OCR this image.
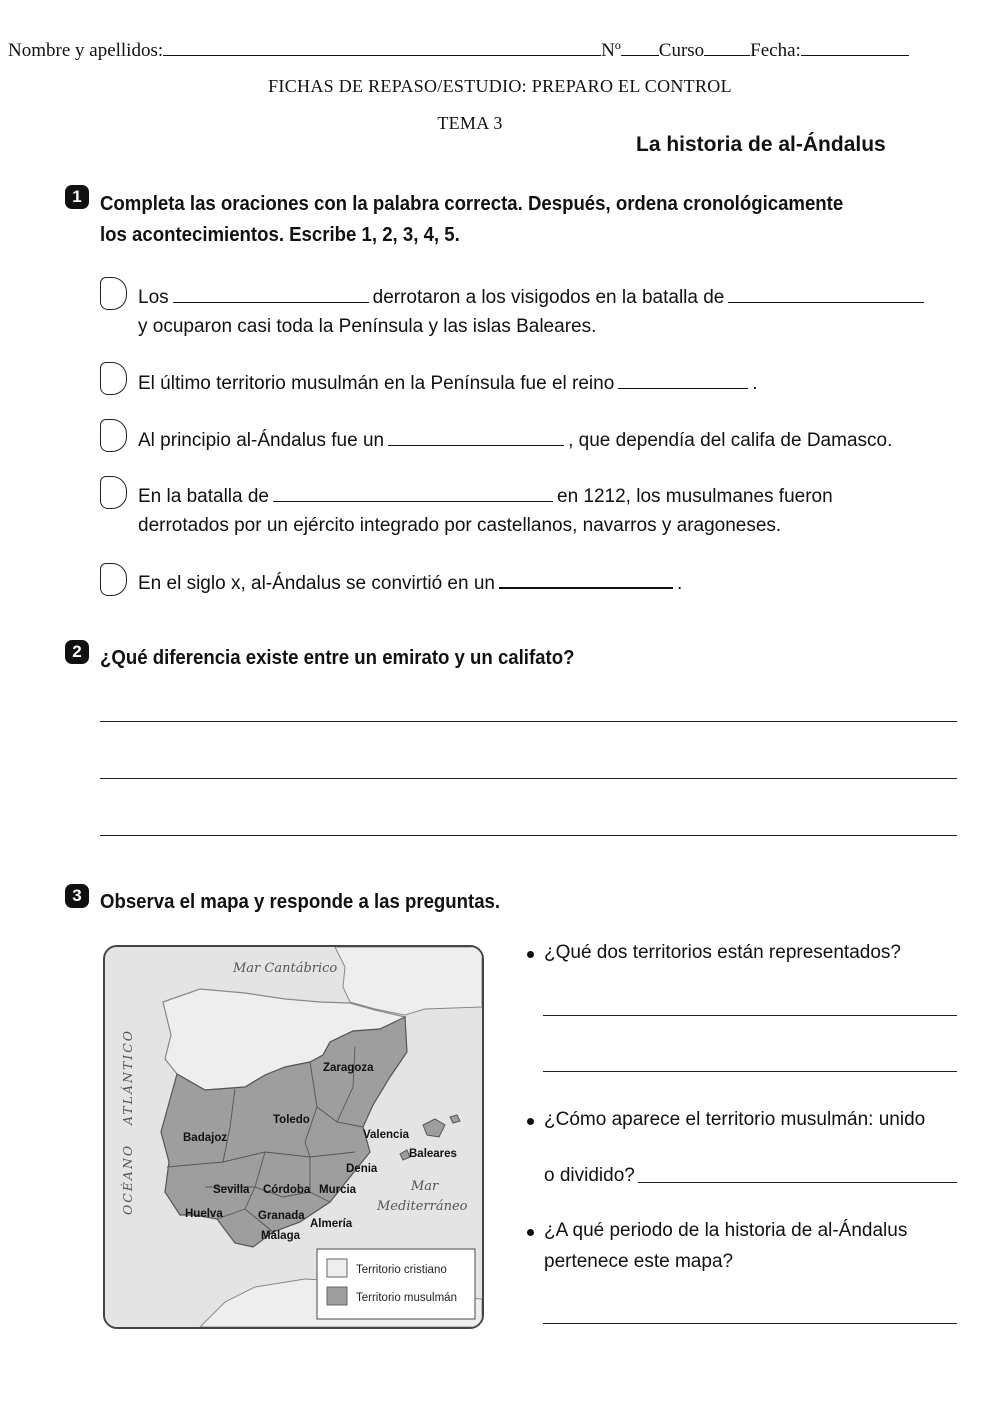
Nombre y apellidos:	Nº Curso Fecha:
FICHAS DE REPASO/ESTUDIO: PREPARO EL CONTROL
TEMA 3
La historia de al-Ándalus
1 Completa las oraciones con la palabra correcta. Después, ordena cronológicamente
los acontecimientos. Escribe 1, 2, 3, 4, 5.
Los	derrotaron a los visigodos en la batalla de
y ocuparon casi toda la Península y las islas Baleares.
El último territorio musulmán en la Península fue el reino	.
Al principio al-Ándalus fue un	, que dependía del califa de Damasco.
En la batalla de	en 1212, los musulmanes fueron
derrotados por un ejército integrado por castellanos, navarros y aragoneses.
En el siglo x, al-Ándalus se convirtió en un	.
2 ¿Qué diferencia existe entre un emirato y un califato?
3 Observa el mapa y responde a las preguntas.
Mar Cantábrico
OCÉANO
ATLÁNTICO
Mar
Mediterráneo
Zaragoza
Toledo
Badajoz	Valencia
Baleares
Denia
Sevilla Córdoba Murcia
Huelva	Granada
Almería
Málaga
Territorio cristiano
Territorio musulmán
¿Qué dos territorios están representados?
¿Cómo aparece el territorio musulmán: unido
o dividido?
¿A qué periodo de la historia de al-Ándalus
pertenece este mapa?
